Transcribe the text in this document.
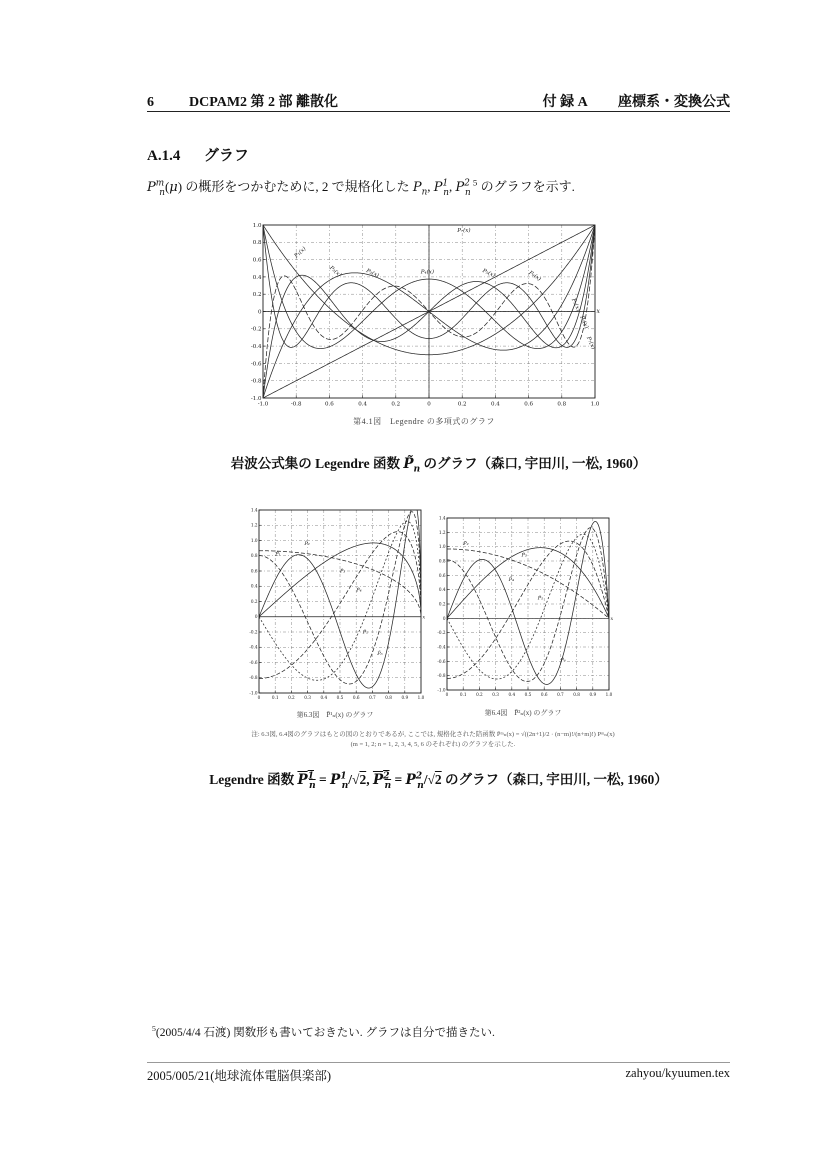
6	DCPAM2 第 2 部 離散化	付 録 A 座標系・変換公式
A.1.4 グラフ
$P^m_n(\mu)$ の概形をつかむために, 2 で規格化した $P_n$, $P^1_n$, $P^2_n$ $^5$ のグラフを示す.
-1.0	-0.8	0.6	0.4	0.2	0	0.2	0.4	0.6	0.8	1.0
1.0
0.8
0.6
0.4
0.2
0
-0.2
-0.4
-0.6
-0.8
-1.0
x
P₁(x)
P₂(x)	P₃(x)	P₄(x)	P₅(x)	P₆(x)
P₇(x)
P₅(x)
P₆(x)
P₇(x)
第4.1図　Legendre の多項式のグラフ
岩波公式集の Legendre 函数 $P̃_n$ のグラフ（森口, 宇田川, 一松, 1960）
0	0.1 0.2 0.3 0.4 0.5 0.6 0.7 0.8 0.9 1.0
1.4
1.2
1.0
0.8
0.6
0.4
0.2
0
-0.2
-0.4
-0.6
-0.8
-1.0
x
P̄₁
P̄₂
P̄₃
P̄₄
P̄₅
P̄₆
0	0.1 0.2 0.3 0.4 0.5 0.6 0.7 0.8 0.9 1.0
1.4
1.2
1.0
0.8
0.6
0.4
0.2
0
-0.2
-0.4
-0.6
-0.8
-1.0
x
P̄₂
P̄₃
P̄₄
P̄₅
P̄₆
第6.3図　P̄¹ₙ(x) のグラフ	第6.4図　P̄²ₙ(x) のグラフ
注: 6.3図, 6.4図のグラフはもとの図のとおりであるが, ここでは, 規格化された陪函数 P̄ᵐₙ(x) = √((2n+1)/2 · (n−m)!/(n+m)!) Pᵐₙ(x)
(m = 1, 2; n = 1, 2, 3, 4, 5, 6 のそれぞれ) のグラフを示した.
Legendre 函数 $P^1_n = P^1_n/√2$, $P^2_n = P^2_n/√2$ のグラフ（森口, 宇田川, 一松, 1960）
$^5$(2005/4/4 石渡) 関数形も書いておきたい. グラフは自分で描きたい.
2005/005/21(地球流体電脳倶楽部)	zahyou/kyuumen.tex
